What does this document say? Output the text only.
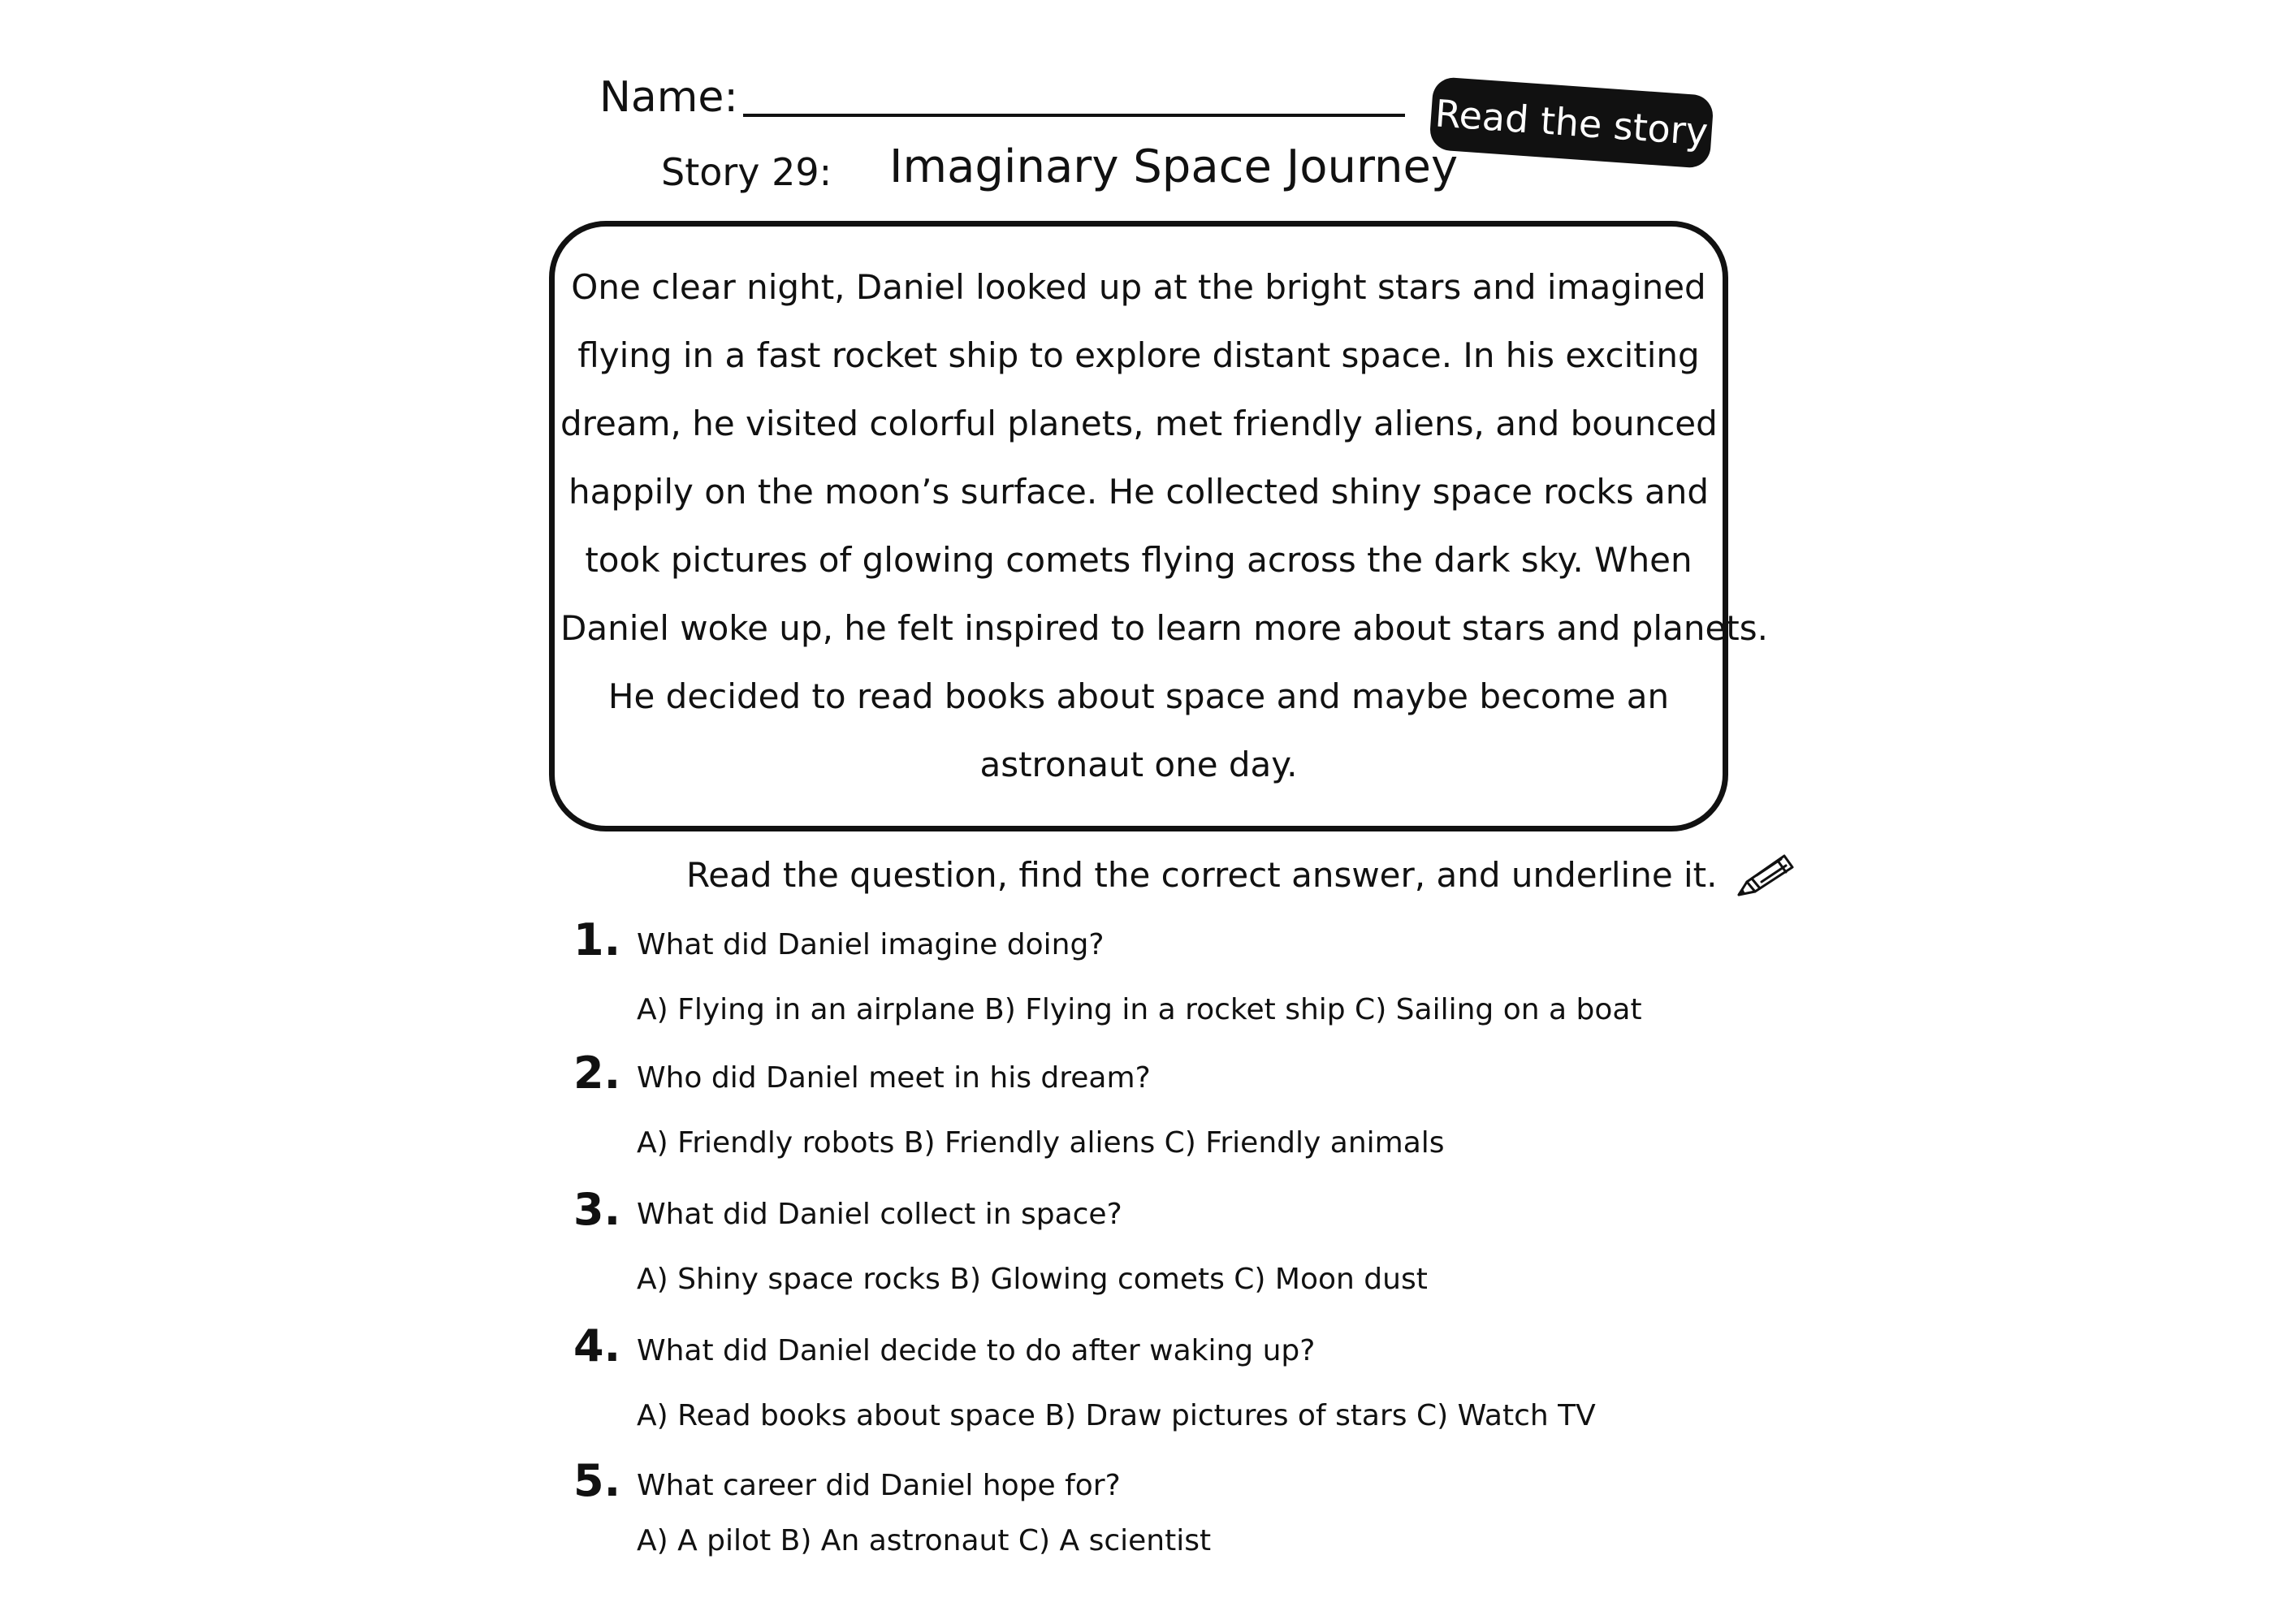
Name:	Read the story
Story 29: Imaginary Space Journey
One clear night, Daniel looked up at the bright stars and imagined
flying in a fast rocket ship to explore distant space. In his exciting
dream, he visited colorful planets, met friendly aliens, and bounced
happily on the moon’s surface. He collected shiny space rocks and
took pictures of glowing comets flying across the dark sky. When
Daniel woke up, he felt inspired to learn more about stars and planets.
He decided to read books about space and maybe become an
astronaut one day.
Read the question, find the correct answer, and underline it.
1. What did Daniel imagine doing?
A) Flying in an airplane B) Flying in a rocket ship C) Sailing on a boat
2. Who did Daniel meet in his dream?
A) Friendly robots B) Friendly aliens C) Friendly animals
3. What did Daniel collect in space?
A) Shiny space rocks B) Glowing comets C) Moon dust
4. What did Daniel decide to do after waking up?
A) Read books about space B) Draw pictures of stars C) Watch TV
5. What career did Daniel hope for?
A) A pilot B) An astronaut C) A scientist
